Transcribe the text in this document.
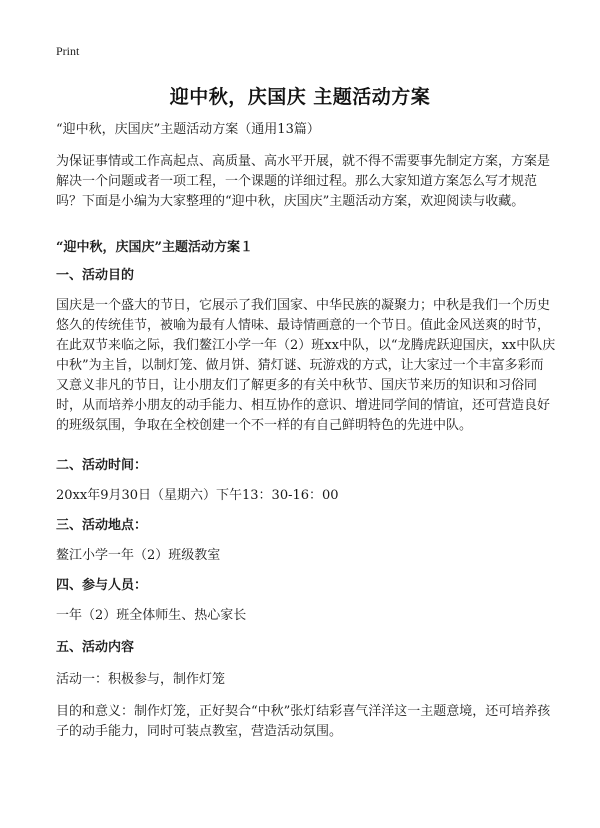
Print
迎中秋，庆国庆 主题活动方案
“迎中秋，庆国庆”主题活动方案（通用13篇）
为保证事情或工作高起点、高质量、高水平开展，就不得不需要事先制定方案，方案是解决一个问题或者一项工程，一个课题的详细过程。那么大家知道方案怎么写才规范吗？下面是小编为大家整理的“迎中秋，庆国庆”主题活动方案，欢迎阅读与收藏。
“迎中秋，庆国庆”主题活动方案１
一、活动目的
国庆是一个盛大的节日，它展示了我们国家、中华民族的凝聚力；中秋是我们一个历史悠久的传统佳节，被喻为最有人情味、最诗情画意的一个节日。值此金风送爽的时节，在此双节来临之际，我们鳌江小学一年（2）班xx中队，以“龙腾虎跃迎国庆，xx中队庆中秋”为主旨，以制灯笼、做月饼、猜灯谜、玩游戏的方式，让大家过一个丰富多彩而又意义非凡的节日，让小朋友们了解更多的有关中秋节、国庆节来历的知识和习俗同时，从而培养小朋友的动手能力、相互协作的意识、增进同学间的情谊，还可营造良好的班级氛围，争取在全校创建一个不一样的有自己鲜明特色的先进中队。
二、活动时间：
20xx年9月30日（星期六）下午13：30-16：00
三、活动地点：
鳌江小学一年（2）班级教室
四、参与人员：
一年（2）班全体师生、热心家长
五、活动内容
活动一：积极参与，制作灯笼
目的和意义：制作灯笼，正好契合“中秋”张灯结彩喜气洋洋这一主题意境，还可培养孩子的动手能力，同时可装点教室，营造活动氛围。
